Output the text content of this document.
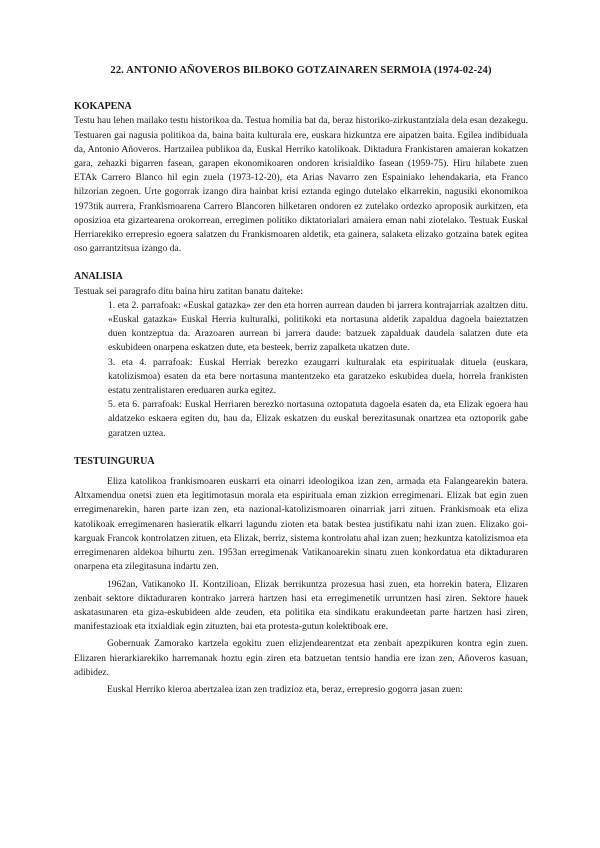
22. ANTONIO AÑOVEROS BILBOKO GOTZAINAREN SERMOIA (1974-02-24)
KOKAPENA

Testu hau lehen mailako testu historikoa da. Testua homilia bat da, beraz historiko-zirkustantziala dela esan dezakegu. Testuaren gai nagusia politikoa da, baina baita kulturala ere, euskara hizkuntza ere aipatzen baita. Egilea indibiduala da, Antonio Añoveros. Hartzailea publikoa da, Euskal Herriko katolikoak. Diktadura Frankistaren amaieran kokatzen gara, zehazki bigarren fasean, garapen ekonomikoaren ondoren krisialdiko fasean (1959-75). Hiru hilabete zuen ETAk Carrero Blanco hil egin zuela (1973-12-20), eta Arias Navarro zen Espainiako lehendakaria, eta Franco hilzorian zegoen. Urte gogorrak izango dira hainbat krisi eztanda egingo dutelako elkarrekin, nagusiki ekonomikoa 1973tik aurrera, Frankismoarena Carrero Blancoren hilketaren ondoren ez zutelako ordezko aproposik aurkitzen, eta oposizioa eta gizartearena orokorrean, erregimen politiko diktatorialari amaiera eman nahi ziotelako. Testuak Euskal Herriarekiko errepresio egoera salatzen du Frankismoaren aldetik, eta gainera, salaketa elizako gotzaina batek egitea oso garrantzitsua izango da.

ANALISIA

Testuak sei paragrafo ditu baina hiru zatitan banatu daiteke:

1. eta 2. parrafoak: «Euskal gatazka» zer den eta horren aurrean dauden bi jarrera kontrajarriak azaltzen ditu. «Euskal gatazka» Euskal Herria kulturalki, politikoki eta nortasuna aldetik zapalduа dagoela baieztatzen duen kontzeptua da. Arazoaren aurrean bi jarrera daude: batzuek zapalduak daudela salatzen dute eta eskubideen onarpena eskatzen dute, eta besteek, berriz zapalketa ukatzen dute.

3. eta 4. parrafoak: Euskal Herriak berezko ezaugarri kulturalak eta espiritualak dituela (euskara, katolizismoa) esaten da eta bere nortasuna mantentzeko eta garatzeko eskubidea duela, horrela frankisten estatu zentralistaren ereduaren aurka egitez.

5. eta 6. parrafoak: Euskal Herriaren berezko nortasuna oztopatuta dagoela esaten da, eta Elizak egoera hau aldatzeko eskaera egiten du, hau da, Elizak eskatzen du euskal berezitasunak onartzea eta oztoporik gabe garatzen uztea.

TESTUINGURUA

Eliza katolikoa frankismoaren euskarri eta oinarri ideologikoa izan zen, armada eta Falangearekin batera. Altxamendua onetsi zuen eta legitimotasun morala eta espirituala eman zizkion erregimenari. Elizak bat egin zuen erregimenarekin, haren parte izan zen, eta nazional-katolizismoaren oinarriak jarri zituen. Frankismoak eta eliza katolikoak erregimenaren hasieratik elkarri lagundu zioten eta batak bestea justifikatu nahi izan zuen. Elizako goi-karguak Francok kontrolatzen zituen, eta Elizak, berriz, sistema kontrolatu ahal izan zuen; hezkuntza katolizismoa eta erregimenaren aldekoa bihurtu zen. 1953an erregimenak Vatikanoarekin sinatu zuen konkordatua eta diktaduraren onarpena eta zilegitasuna indartu zen.

1962an, Vatikanoko II. Kontzilioan, Elizak berrikuntza prozesua hasi zuen, eta horrekin batera, Elizaren zenbait sektore diktaduraren kontrako jarrera hartzen hasi eta erregimenetik urruntzen hasi ziren. Sektore hauek askatasunaren eta giza-eskubideen alde zeuden, eta politika eta sindikatu erakundeetan parte hartzen hasi ziren, manifestazioak eta itxialdiak egin zituzten, bai eta protesta-gutun kolektiboak ere.

Gobernuak Zamorako kartzela egokitu zuen elizjendearentzat eta zenbait apezpikuren kontra egin zuen. Elizaren hierarkiarekiko harremanak hoztu egin ziren eta batzuetan tentsio handia ere izan zen, Añoveros kasuan, adibidez.

Euskal Herriko kleroa abertzalea izan zen tradizioz eta, beraz, errepresio gogorra jasan zuen:
